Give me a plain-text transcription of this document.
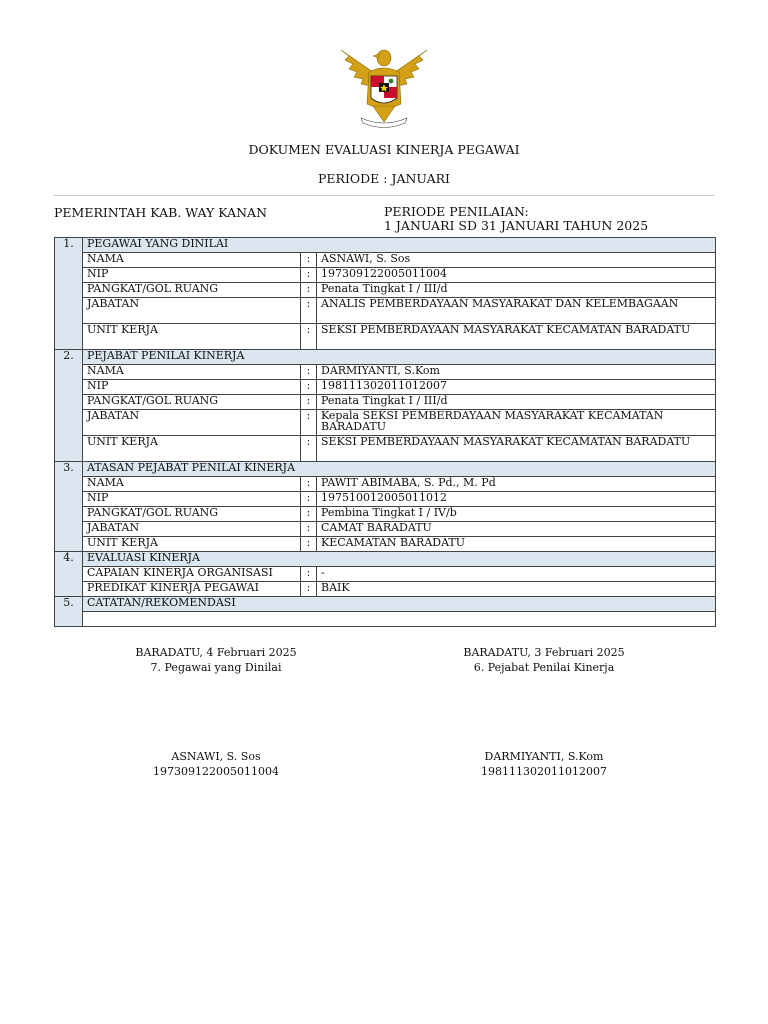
DOKUMEN EVALUASI KINERJA PEGAWAI
PERIODE : JANUARI
PEMERINTAH KAB. WAY KANAN	PERIODE PENILAIAN:
1 JANUARI SD 31 JANUARI TAHUN 2025
1.	PEGAWAI YANG DINILAI		
	NAMA	:	ASNAWI, S. Sos
	NIP	:	197309122005011004
	PANGKAT/GOL RUANG	:	Penata Tingkat I / III/d
	JABATAN	:	ANALIS PEMBERDAYAAN MASYARAKAT DAN KELEMBAGAAN
	UNIT KERJA	:	SEKSI PEMBERDAYAAN MASYARAKAT KECAMATAN BARADATU
2.	PEJABAT PENILAI KINERJA		
	NAMA	:	DARMIYANTI, S.Kom
	NIP	:	198111302011012007
	PANGKAT/GOL RUANG	:	Penata Tingkat I / III/d
	JABATAN	:	Kepala SEKSI PEMBERDAYAAN MASYARAKAT KECAMATAN BARADATU
	UNIT KERJA	:	SEKSI PEMBERDAYAAN MASYARAKAT KECAMATAN BARADATU
3.	ATASAN PEJABAT PENILAI KINERJA		
	NAMA	:	PAWIT ABIMABA, S. Pd., M. Pd
	NIP	:	197510012005011012
	PANGKAT/GOL RUANG	:	Pembina Tingkat I / IV/b
	JABATAN	:	CAMAT BARADATU
	UNIT KERJA	:	KECAMATAN BARADATU
4.	EVALUASI KINERJA		
	CAPAIAN KINERJA ORGANISASI	:	-
	PREDIKAT KINERJA PEGAWAI	:	BAIK
5.	CATATAN/REKOMENDASI		

BARADATU, 4 Februari 2025
7. Pegawai yang Dinilai
BARADATU, 3 Februari 2025
6. Pejabat Penilai Kinerja
ASNAWI, S. Sos
197309122005011004
DARMIYANTI, S.Kom
198111302011012007
